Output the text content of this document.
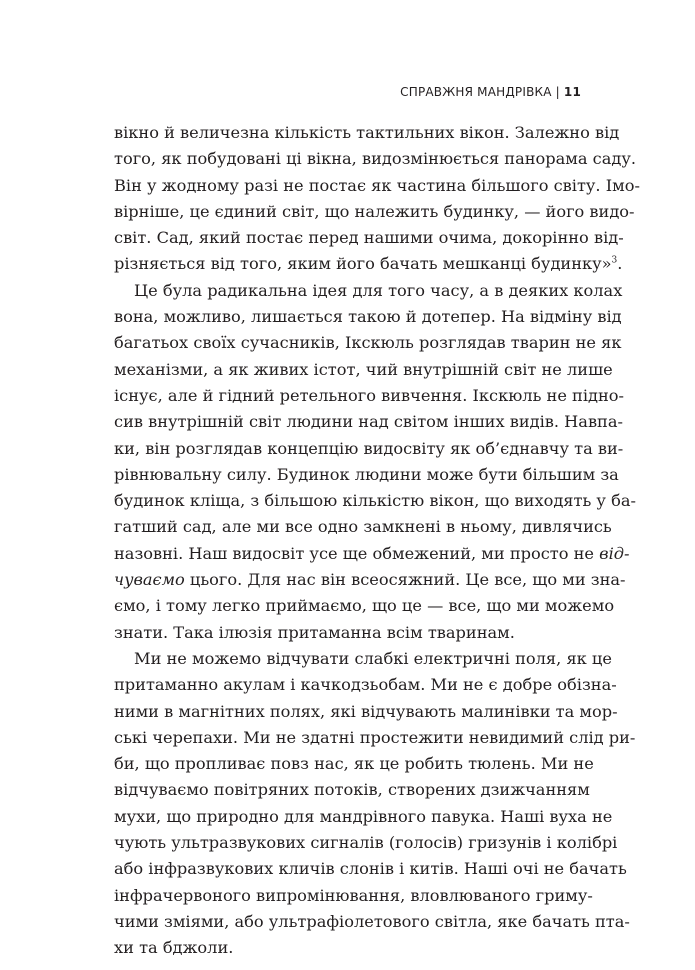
СПРАВЖНЯ МАНДРІВКА | 11
вікно й величезна кількість тактильних вікон. Залежно від
того, як побудовані ці вікна, видозмінюється панорама саду.
Він у жодному разі не постає як частина більшого світу. Імо-
вірніше, це єдиний світ, що належить будинку, — його видо-
світ. Сад, який постає перед нашими очима, докорінно від-
різняється від того, яким його бачать мешканці будинку»$^3$.
Це була радикальна ідея для того часу, а в деяких колах
вона, можливо, лишається такою й дотепер. На відміну від
багатьох своїх сучасників, Ікскюль розглядав тварин не як
механізми, а як живих істот, чий внутрішній світ не лише
існує, але й гідний ретельного вивчення. Ікскюль не підно-
сив внутрішній світ людини над світом інших видів. Навпа-
ки, він розглядав концепцію видосвіту як об’єднавчу та ви-
рівнювальну силу. Будинок людини може бути більшим за
будинок кліща, з більшою кількістю вікон, що виходять у ба-
гатший сад, але ми все одно замкнені в ньому, дивлячись
назовні. Наш видосвіт усе ще обмежений, ми просто не від-
чуваємо цього. Для нас він всеосяжний. Це все, що ми зна-
ємо, і тому легко приймаємо, що це — все, що ми можемо
знати. Така ілюзія притаманна всім тваринам.
Ми не можемо відчувати слабкі електричні поля, як це
притаманно акулам і качкодзьобам. Ми не є добре обізна-
ними в магнітних полях, які відчувають малинівки та мор-
ські черепахи. Ми не здатні простежити невидимий слід ри-
би, що пропливає повз нас, як це робить тюлень. Ми не
відчуваємо повітряних потоків, створених дзижчанням
мухи, що природно для мандрівного павука. Наші вуха не
чують ультразвукових сигналів (голосів) гризунів і колібрі
або інфразвукових кличів слонів і китів. Наші очі не бачать
інфрачервоного випромінювання, вловлюваного гриму-
чими зміями, або ультрафіолетового світла, яке бачать пта-
хи та бджоли.
